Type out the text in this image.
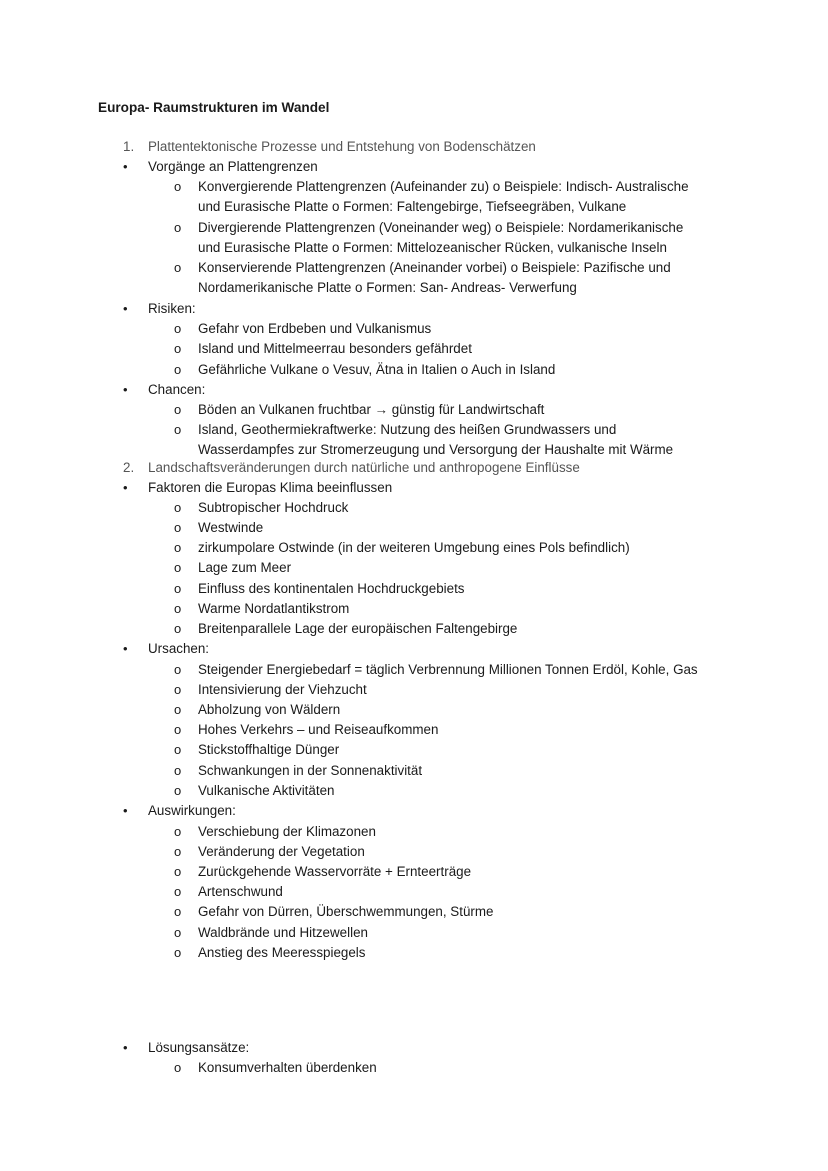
Europa- Raumstrukturen im Wandel
1. Plattentektonische Prozesse und Entstehung von Bodenschätzen
• Vorgänge an Plattengrenzen
o Konvergierende Plattengrenzen (Aufeinander zu) o Beispiele: Indisch- Australische
und Eurasische Platte o Formen: Faltengebirge, Tiefseegräben, Vulkane
o Divergierende Plattengrenzen (Voneinander weg) o Beispiele: Nordamerikanische
und Eurasische Platte o Formen: Mittelozeanischer Rücken, vulkanische Inseln
o Konservierende Plattengrenzen (Aneinander vorbei) o Beispiele: Pazifische und
Nordamerikanische Platte o Formen: San- Andreas- Verwerfung
• Risiken:
o Gefahr von Erdbeben und Vulkanismus
o Island und Mittelmeerrau besonders gefährdet
o Gefährliche Vulkane o Vesuv, Ätna in Italien o Auch in Island
• Chancen:
o Böden an Vulkanen fruchtbar → günstig für Landwirtschaft
o Island, Geothermiekraftwerke: Nutzung des heißen Grundwassers und
Wasserdampfes zur Stromerzeugung und Versorgung der Haushalte mit Wärme
2. Landschaftsveränderungen durch natürliche und anthropogene Einflüsse
• Faktoren die Europas Klima beeinflussen
o Subtropischer Hochdruck
o Westwinde
o zirkumpolare Ostwinde (in der weiteren Umgebung eines Pols befindlich)
o Lage zum Meer
o Einfluss des kontinentalen Hochdruckgebiets
o Warme Nordatlantikstrom
o Breitenparallele Lage der europäischen Faltengebirge
• Ursachen:
o Steigender Energiebedarf = täglich Verbrennung Millionen Tonnen Erdöl, Kohle, Gas
o Intensivierung der Viehzucht
o Abholzung von Wäldern
o Hohes Verkehrs – und Reiseaufkommen
o Stickstoffhaltige Dünger
o Schwankungen in der Sonnenaktivität
o Vulkanische Aktivitäten
• Auswirkungen:
o Verschiebung der Klimazonen
o Veränderung der Vegetation
o Zurückgehende Wasservorräte + Ernteerträge
o Artenschwund
o Gefahr von Dürren, Überschwemmungen, Stürme
o Waldbrände und Hitzewellen
o Anstieg des Meeresspiegels
• Lösungsansätze:
o Konsumverhalten überdenken
